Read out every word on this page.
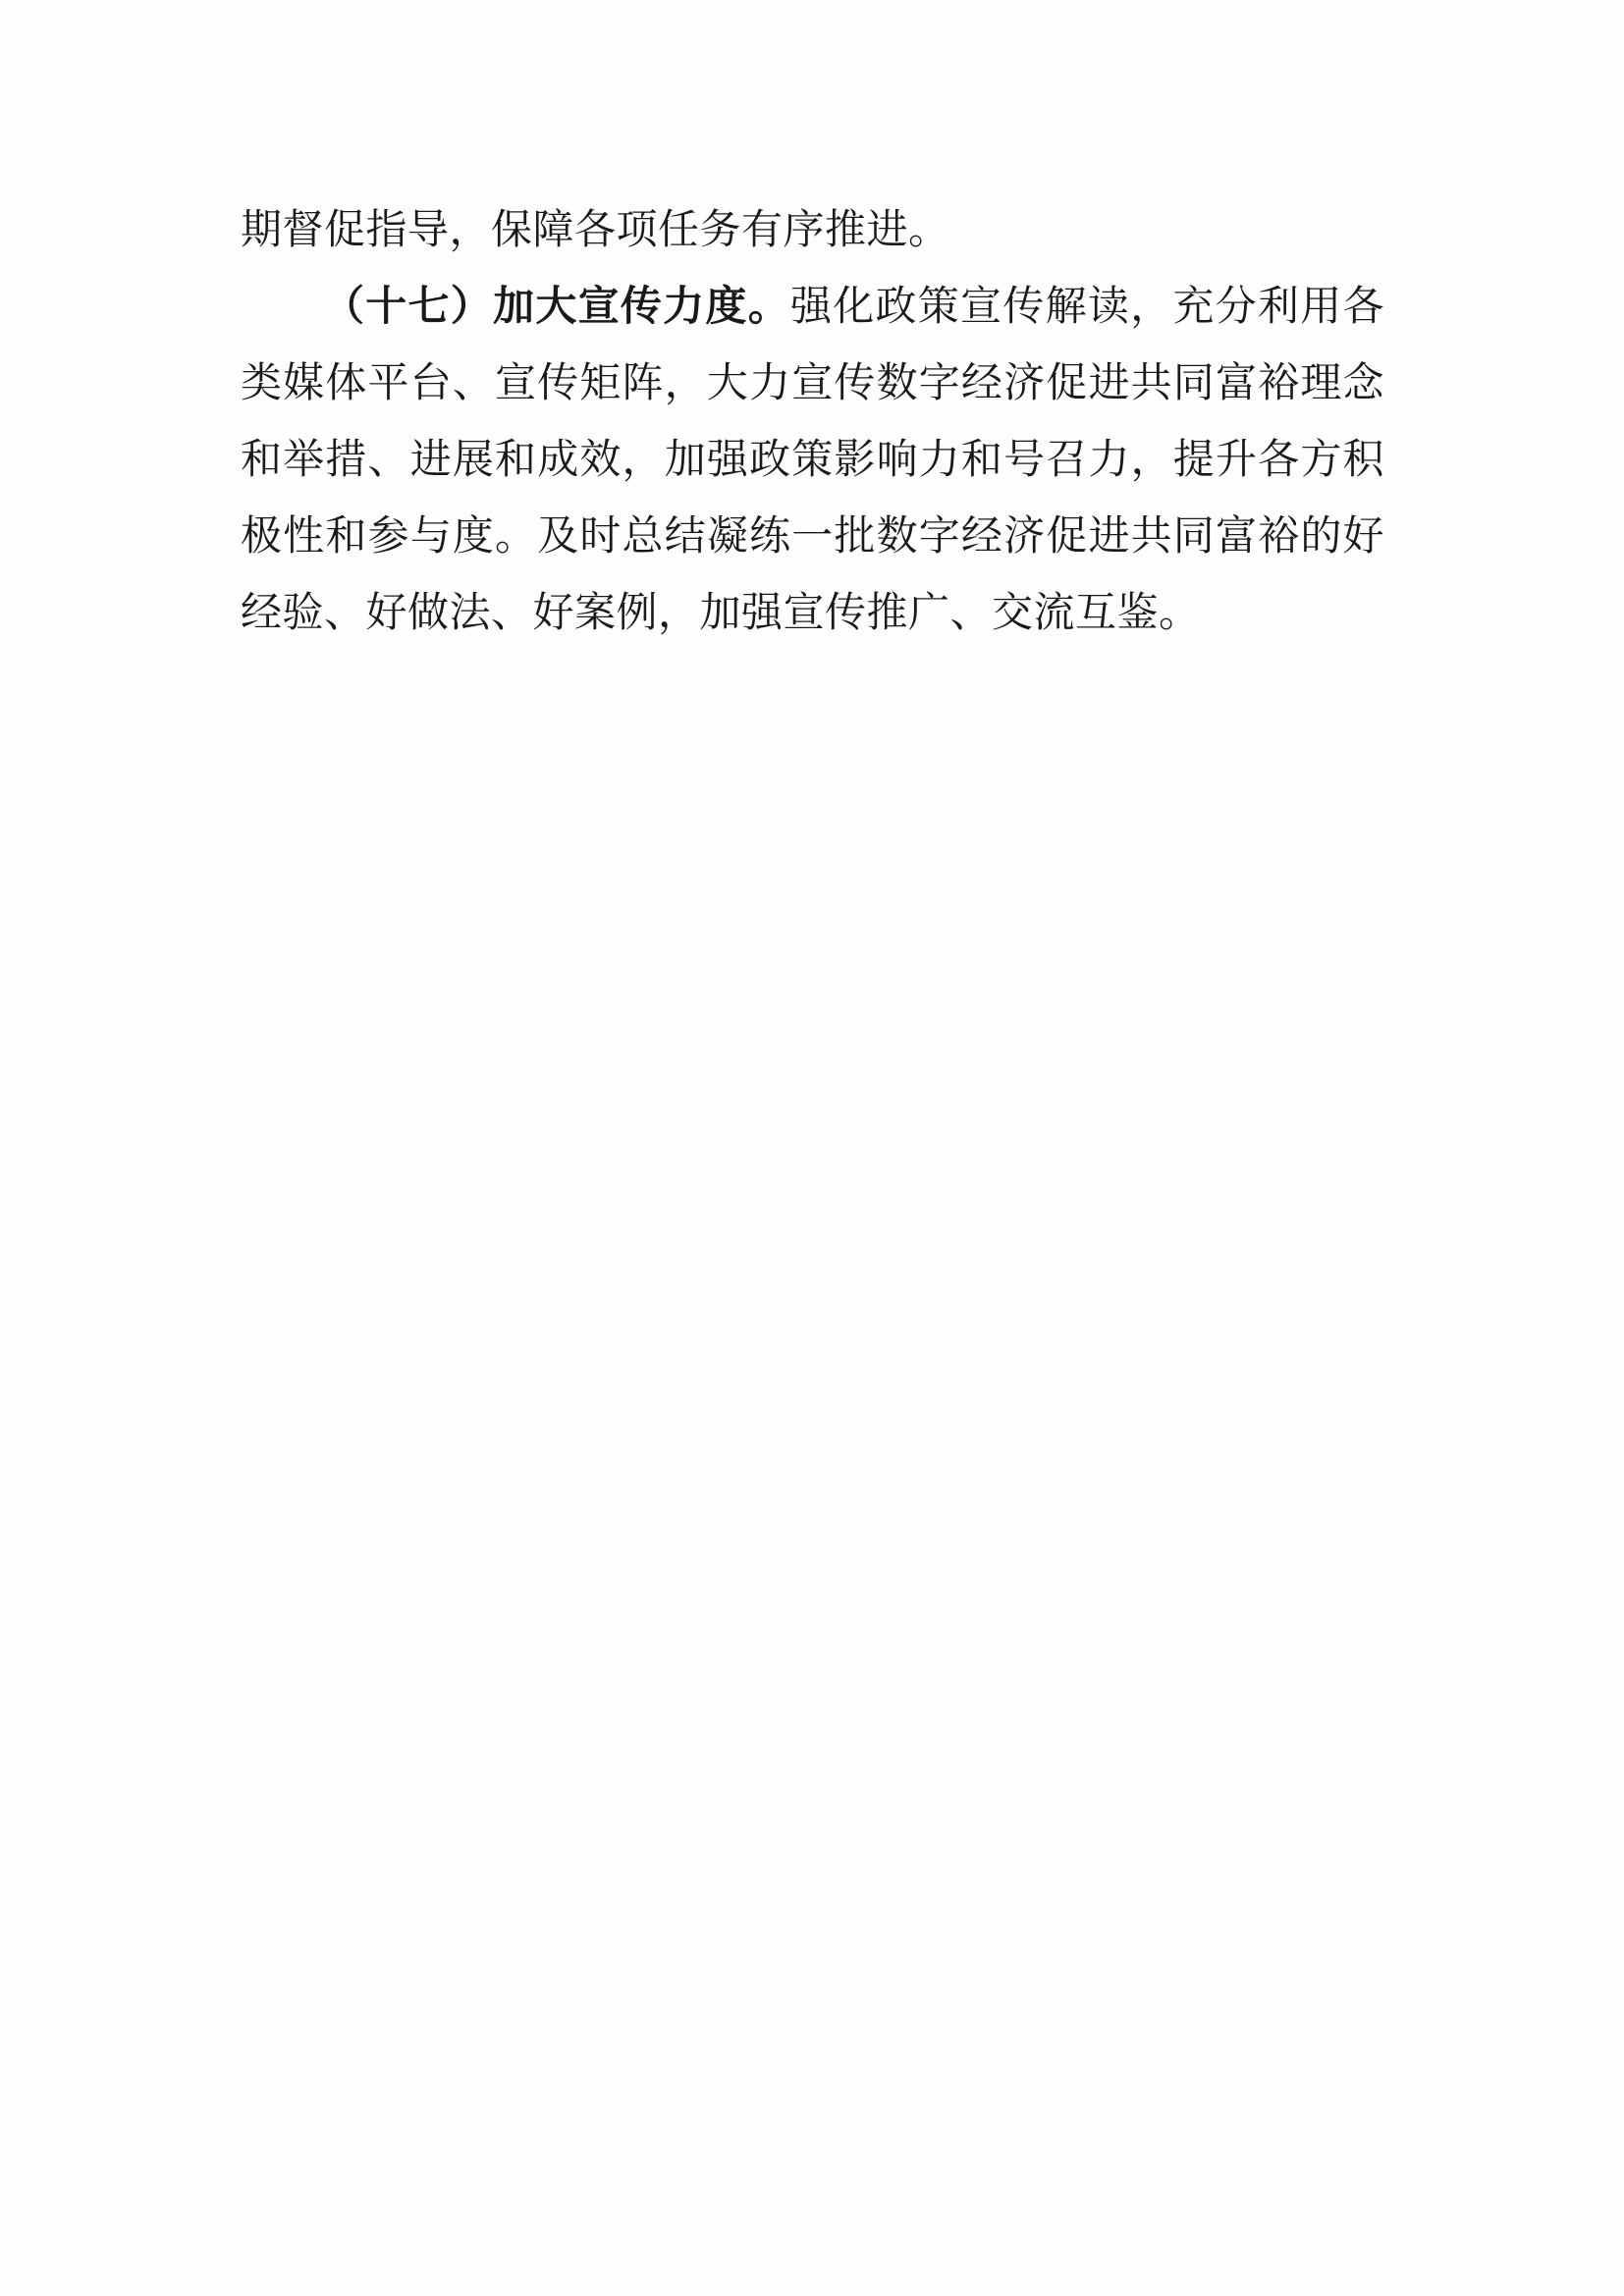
期督促指导，保障各项任务有序推进。

（十七）加大宣传力度。强化政策宣传解读，充分利用各类媒体平台、宣传矩阵，大力宣传数字经济促进共同富裕理念和举措、进展和成效，加强政策影响力和号召力，提升各方积极性和参与度。及时总结凝练一批数字经济促进共同富裕的好经验、好做法、好案例，加强宣传推广、交流互鉴。
